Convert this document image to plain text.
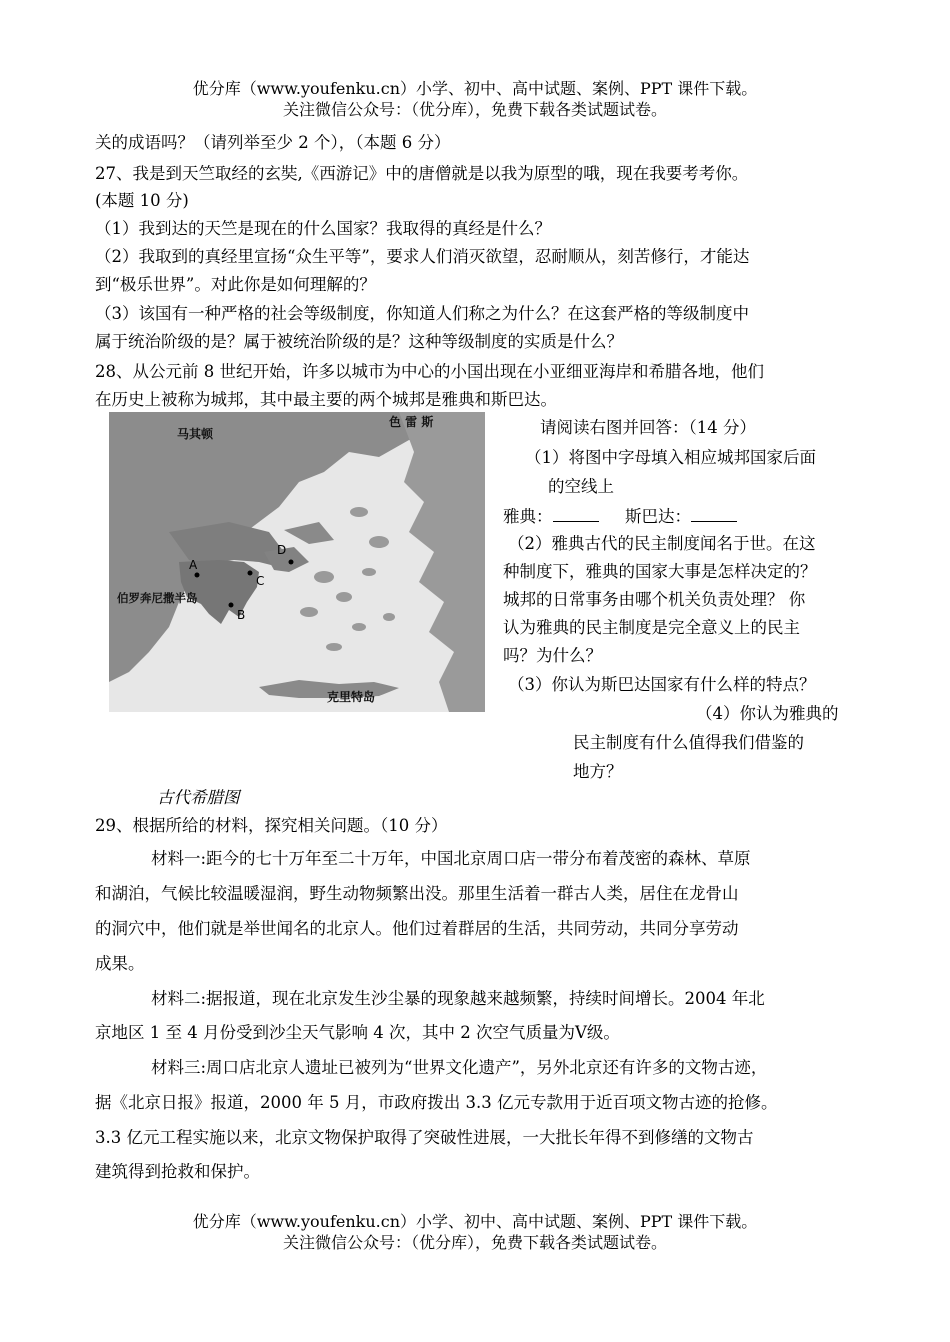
优分库（www.youfenku.cn）小学、初中、高中试题、案例、PPT 课件下载。
关注微信公众号：（优分库），免费下载各类试题试卷。
关的成语吗？（请列举至少 2 个），（本题 6 分）
27、我是到天竺取经的玄奘,《西游记》中的唐僧就是以我为原型的哦，现在我要考考你。
(本题 10 分)
（1）我到达的天竺是现在的什么国家？我取得的真经是什么？
（2）我取到的真经里宣扬“众生平等”，要求人们消灭欲望，忍耐顺从，刻苦修行，才能达
到“极乐世界”。对此你是如何理解的？
（3）该国有一种严格的社会等级制度，你知道人们称之为什么？在这套严格的等级制度中
属于统治阶级的是？属于被统治阶级的是？这种等级制度的实质是什么？
28、从公元前 8 世纪开始，许多以城市为中心的小国出现在小亚细亚海岸和希腊各地，他们
在历史上被称为城邦，其中最主要的两个城邦是雅典和斯巴达。
马其顿
色 雷 斯
伯罗奔尼撒半岛
克里特岛
A
B
C
D
请阅读右图并回答：（14 分）
（1）将图中字母填入相应城邦国家后面
的空线上
雅典：	斯巴达：
（2）雅典古代的民主制度闻名于世。在这
种制度下，雅典的国家大事是怎样决定的？
城邦的日常事务由哪个机关负责处理？ 你
认为雅典的民主制度是完全意义上的民主
吗？为什么？
（3）你认为斯巴达国家有什么样的特点？
（4）你认为雅典的
民主制度有什么值得我们借鉴的
地方？
古代希腊图
29、根据所给的材料，探究相关问题。（10 分）
材料一:距今的七十万年至二十万年，中国北京周口店一带分布着茂密的森林、草原
和湖泊，气候比较温暖湿润，野生动物频繁出没。那里生活着一群古人类，居住在龙骨山
的洞穴中，他们就是举世闻名的北京人。他们过着群居的生活，共同劳动，共同分享劳动
成果。
材料二:据报道，现在北京发生沙尘暴的现象越来越频繁，持续时间增长。2004 年北
京地区 1 至 4 月份受到沙尘天气影响 4 次，其中 2 次空气质量为Ⅴ级。
材料三:周口店北京人遗址已被列为“世界文化遗产”，另外北京还有许多的文物古迹，
据《北京日报》报道，2000 年 5 月，市政府拨出 3.3 亿元专款用于近百项文物古迹的抢修。
3.3 亿元工程实施以来，北京文物保护取得了突破性进展，一大批长年得不到修缮的文物古
建筑得到抢救和保护。
优分库（www.youfenku.cn）小学、初中、高中试题、案例、PPT 课件下载。
关注微信公众号：（优分库），免费下载各类试题试卷。
